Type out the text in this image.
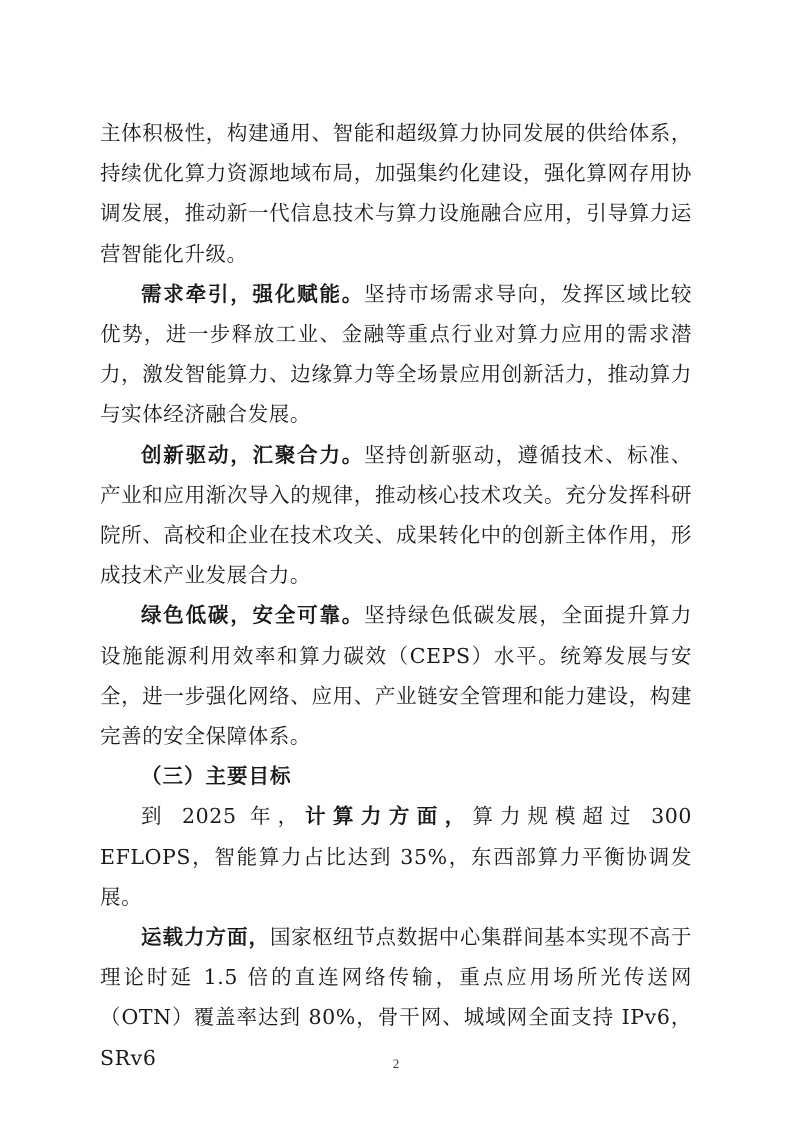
主体积极性，构建通用、智能和超级算力协同发展的供给体系，持续优化算力资源地域布局，加强集约化建设，强化算网存用协调发展，推动新一代信息技术与算力设施融合应用，引导算力运营智能化升级。

需求牵引，强化赋能。坚持市场需求导向，发挥区域比较优势，进一步释放工业、金融等重点行业对算力应用的需求潜力，激发智能算力、边缘算力等全场景应用创新活力，推动算力与实体经济融合发展。

创新驱动，汇聚合力。坚持创新驱动，遵循技术、标准、产业和应用渐次导入的规律，推动核心技术攻关。充分发挥科研院所、高校和企业在技术攻关、成果转化中的创新主体作用，形成技术产业发展合力。

绿色低碳，安全可靠。坚持绿色低碳发展，全面提升算力设施能源利用效率和算力碳效（CEPS）水平。统筹发展与安全，进一步强化网络、应用、产业链安全管理和能力建设，构建完善的安全保障体系。

（三）主要目标

到 2025 年，计算力方面，算力规模超过 300 EFLOPS，智能算力占比达到 35%，东西部算力平衡协调发展。

运载力方面，国家枢纽节点数据中心集群间基本实现不高于理论时延 1.5 倍的直连网络传输，重点应用场所光传送网（OTN）覆盖率达到 80%，骨干网、城域网全面支持 IPv6，SRv6	2
